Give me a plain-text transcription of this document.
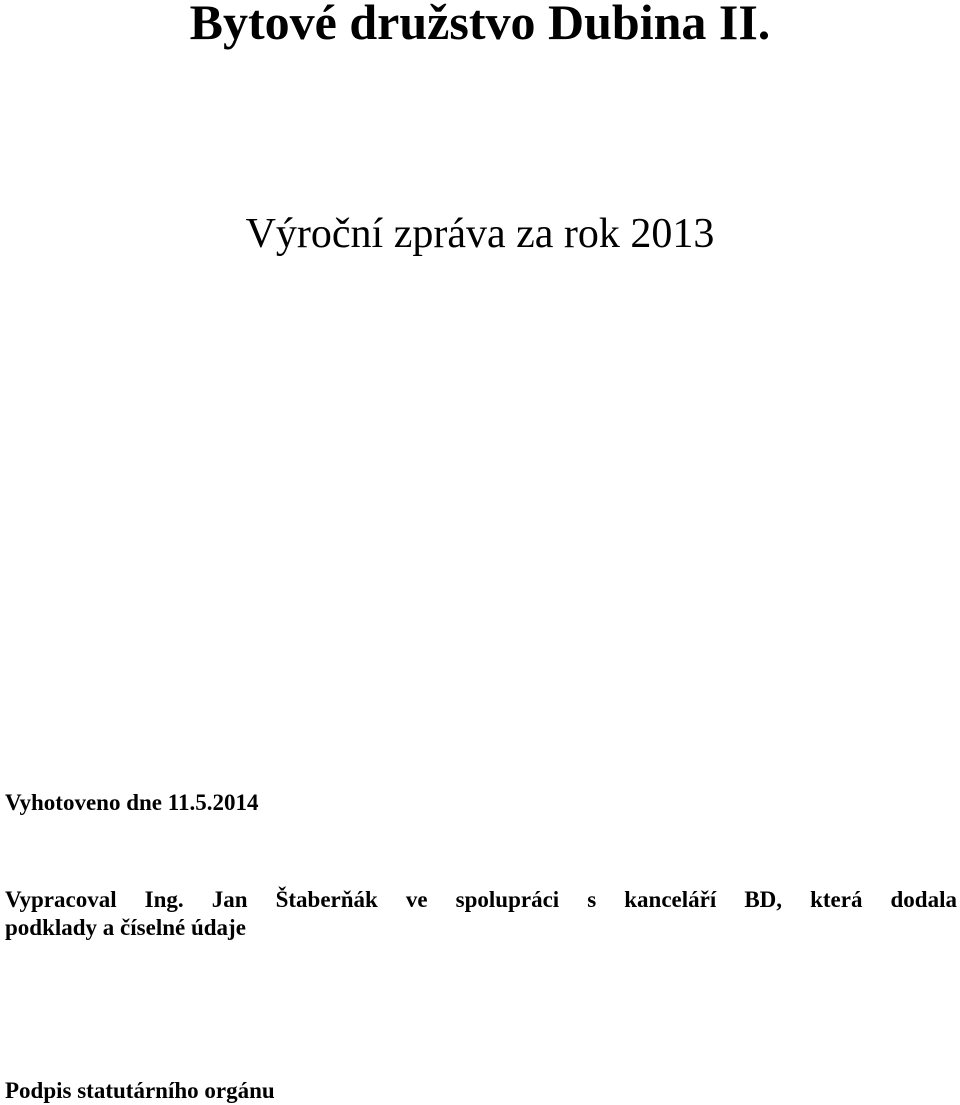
Bytové družstvo Dubina II.
Výroční zpráva za rok 2013

Vyhotoveno dne 11.5.2014

Vypracoval Ing. Jan Štaberňák ve spolupráci s kanceláří BD, která dodala
podklady a číselné údaje

Podpis statutárního orgánu
